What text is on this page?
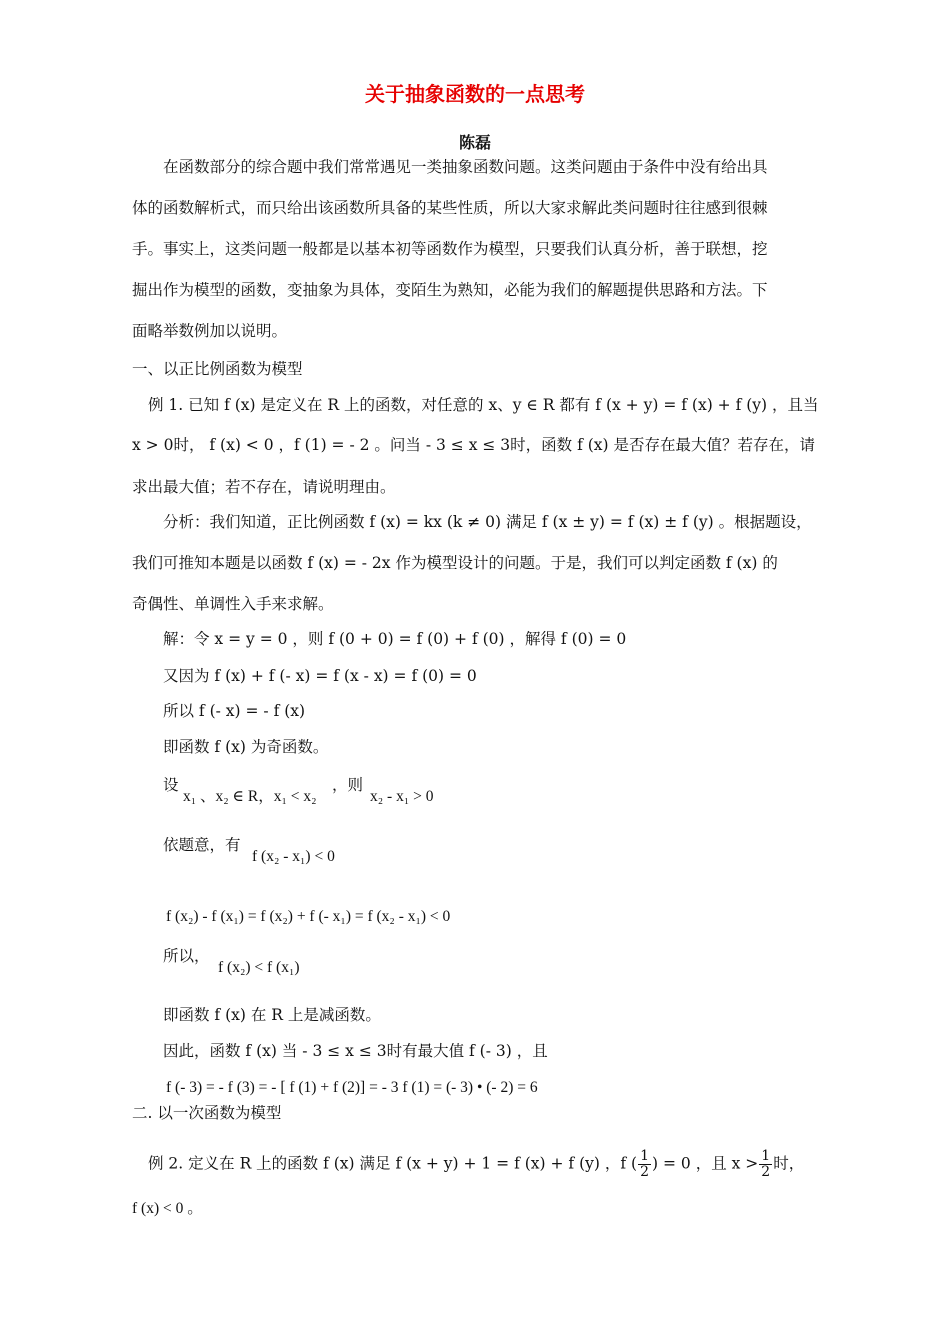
关于抽象函数的一点思考
陈磊
在函数部分的综合题中我们常常遇见一类抽象函数问题。这类问题由于条件中没有给出具
体的函数解析式，而只给出该函数所具备的某些性质，所以大家求解此类问题时往往感到很棘
手。事实上，这类问题一般都是以基本初等函数作为模型，只要我们认真分析，善于联想，挖
掘出作为模型的函数，变抽象为具体，变陌生为熟知，必能为我们的解题提供思路和方法。下
面略举数例加以说明。
一、以正比例函数为模型
例 1. 已知 f (x) 是定义在 R 上的函数，对任意的 x、y ∈ R 都有 f (x + y) = f (x) + f (y) ，且当
x > 0时， f (x) < 0 ，f (1) = - 2 。问当 - 3 ≤ x ≤ 3时，函数 f (x) 是否存在最大值？若存在，请
求出最大值；若不存在，请说明理由。
分析：我们知道，正比例函数 f (x) = kx (k ≠ 0) 满足 f (x ± y) = f (x) ± f (y) 。根据题设，
我们可推知本题是以函数 f (x) = - 2x 作为模型设计的问题。于是，我们可以判定函数 f (x) 的
奇偶性、单调性入手来求解。
解：令 x = y = 0 ，则 f (0 + 0) = f (0) + f (0) ，解得 f (0) = 0
又因为 f (x) + f (- x) = f (x - x) = f (0) = 0
所以 f (- x) = - f (x)
即函数 f (x) 为奇函数。
设
x₁ 、x₂ ∈ R，x₁ < x₂
，则
x₂ - x₁ > 0
依题意，有
f (x₂ - x₁) < 0
f (x₂) - f (x₁) = f (x₂) + f (- x₁) = f (x₂ - x₁) < 0
所以，
f (x₂) < f (x₁)
即函数 f (x) 在 R 上是减函数。
因此，函数 f (x) 当 - 3 ≤ x ≤ 3时有最大值 f (- 3) ，且
f (- 3) = - f (3) = - [ f (1) + f (2)] = - 3 f (1) = (- 3) • (- 2) = 6
二. 以一次函数为模型
例 2. 定义在 R 上的函数 f (x) 满足 f (x + y) + 1 = f (x) + f (y) ，f ( $\frac{1}{2}$ ) = 0 ，且 $x > \frac{1}{2}$ 时，
f (x) < 0 。
